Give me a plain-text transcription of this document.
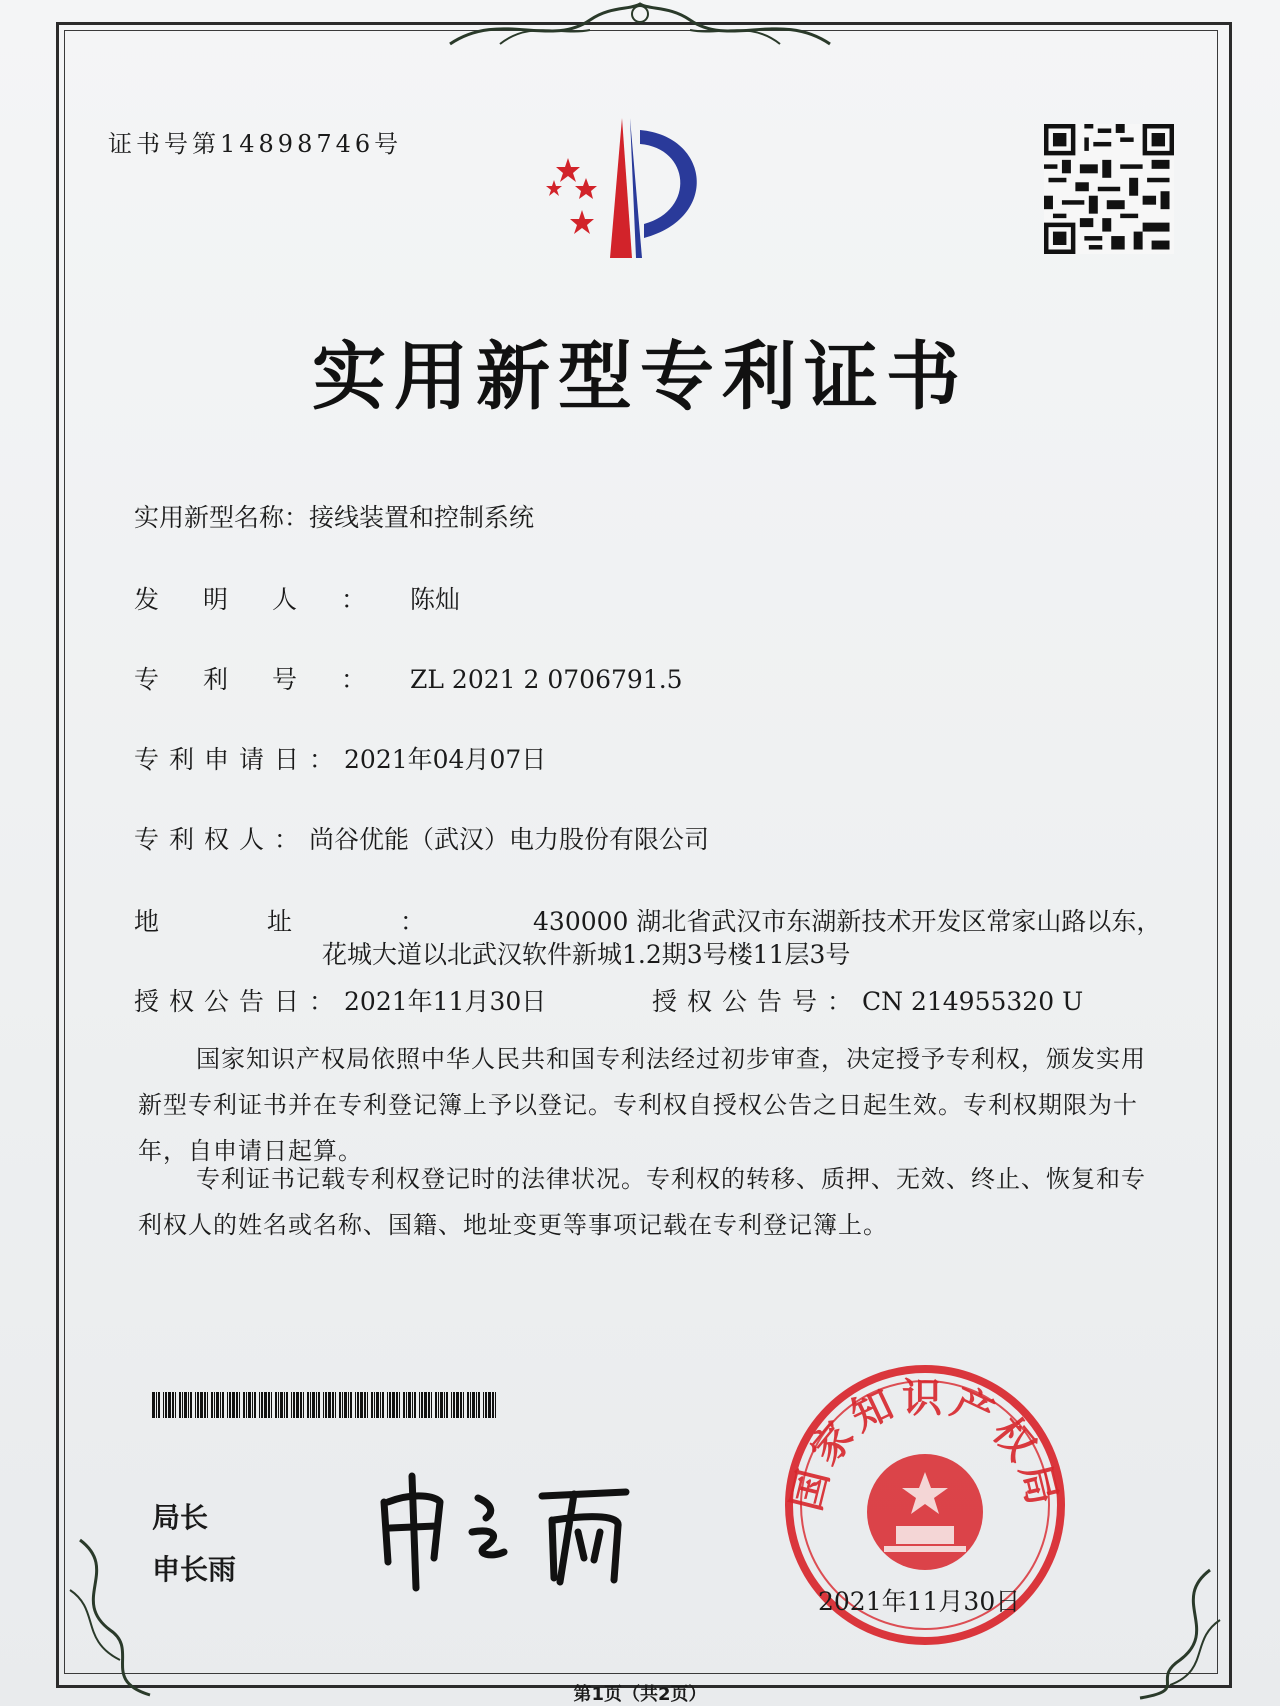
证书号第14898746号
实用新型专利证书
实用新型名称：接线装置和控制系统
发明人：陈灿
专利号：ZL 2021 2 0706791.5
专利申请日：2021年04月07日
专利权人：尚谷优能（武汉）电力股份有限公司
地址：430000 湖北省武汉市东湖新技术开发区常家山路以东，
花城大道以北武汉软件新城1.2期3号楼11层3号
授权公告日：2021年11月30日	授权公告号：CN 214955320 U
国家知识产权局依照中华人民共和国专利法经过初步审查，决定授予专利权，颁发实用新型专利证书并在专利登记簿上予以登记。专利权自授权公告之日起生效。专利权期限为十年，自申请日起算。
专利证书记载专利权登记时的法律状况。专利权的转移、质押、无效、终止、恢复和专利权人的姓名或名称、国籍、地址变更等事项记载在专利登记簿上。
局长
申长雨
国家知识产权局
2021年11月30日
第1页（共2页）
